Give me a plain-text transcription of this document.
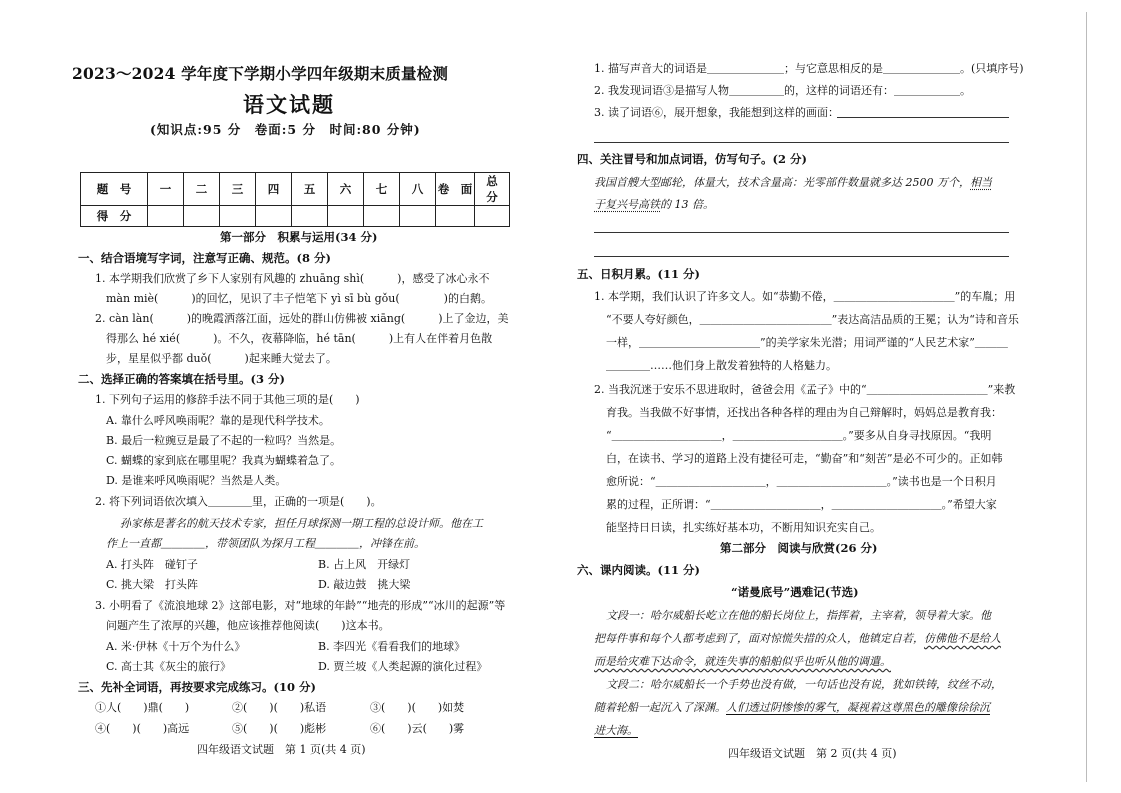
2023～2024 学年度下学期小学四年级期末质量检测
语文试题
(知识点:95 分　卷面:5 分　时间:80 分钟)
题　号	一	二	三	四	五	六	七	八	卷　面	总　分
得　分										
第一部分　积累与运用(34 分)
一、结合语境写字词，注意写正确、规范。(8 分)
1. 本学期我们欣赏了乡下人家别有风趣的 zhuāng shì(　　　)，感受了冰心永不
màn miè(　　　)的回忆，见识了丰子恺笔下 yì sī bù gǒu(　　　　)的白鹅。
2. càn làn(　　　)的晚霞洒落江面，远处的群山仿佛被 xiāng(　　　)上了金边，美
得那么 hé xié(　　　)。不久，夜幕降临，hé tān(　　　)上有人在伴着月色散
步，星星似乎都 duǒ(　　　)起来睡大觉去了。
二、选择正确的答案填在括号里。(3 分)
1. 下列句子运用的修辞手法不同于其他三项的是(　　)
A. 靠什么呼风唤雨呢？靠的是现代科学技术。
B. 最后一粒豌豆是最了不起的一粒吗？当然是。
C. 蝴蝶的家到底在哪里呢？我真为蝴蝶着急了。
D. 是谁来呼风唤雨呢？当然是人类。
2. 将下列词语依次填入＿＿＿＿里，正确的一项是(　　)。
孙家栋是著名的航天技术专家，担任月球探测一期工程的总设计师。他在工
作上一直都＿＿＿＿，带领团队为探月工程＿＿＿＿，冲锋在前。
A. 打头阵　碰钉子	B. 占上风　开绿灯
C. 挑大梁　打头阵	D. 敲边鼓　挑大梁
3. 小明看了《流浪地球 2》这部电影，对“地球的年龄”“地壳的形成”“冰川的起源”等
问题产生了浓厚的兴趣，他应该推荐他阅读(　　)这本书。
A. 米·伊林《十万个为什么》	B. 李四光《看看我们的地球》
C. 高士其《灰尘的旅行》	D. 贾兰坡《人类起源的演化过程》
三、先补全词语，再按要求完成练习。(10 分)
①人(　　)鼎(　　)	②(　　)(　　)私语	③(　　)(　　)如焚
④(　　)(　　)高远	⑤(　　)(　　)彪彬	⑥(　　)云(　　)雾
四年级语文试题　第 1 页(共 4 页)
1. 描写声音大的词语是＿＿＿＿＿＿＿；与它意思相反的是＿＿＿＿＿＿＿。(只填序号)
2. 我发现词语③是描写人物＿＿＿＿＿的，这样的词语还有：＿＿＿＿＿＿。
3. 读了词语⑥，展开想象，我能想到这样的画面：
四、关注冒号和加点词语，仿写句子。(2 分)
我国首艘大型邮轮，体量大，技术含量高：光零部件数量就多达 2500 万个，相当
于复兴号高铁的 13 倍。
五、日积月累。(11 分)
1. 本学期，我们认识了许多文人。如“恭勤不倦，＿＿＿＿＿＿＿＿＿＿＿”的车胤；用
“不要人夸好颜色，＿＿＿＿＿＿＿＿＿＿＿＿”表达高洁品质的王冕；认为“诗和音乐
一样，＿＿＿＿＿＿＿＿＿＿＿”的美学家朱光潜；用词严谨的“人民艺术家”＿＿＿
＿＿＿＿……他们身上散发着独特的人格魅力。
2. 当我沉迷于安乐不思进取时，爸爸会用《孟子》中的“＿＿＿＿＿＿＿＿＿＿＿”来教
育我。当我做不好事情，还找出各种各样的理由为自己辩解时，妈妈总是教育我：
“＿＿＿＿＿＿＿＿＿＿，＿＿＿＿＿＿＿＿＿＿。”要多从自身寻找原因。“我明
白，在读书、学习的道路上没有捷径可走，“勤奋”和“刻苦”是必不可少的。正如韩
愈所说：“＿＿＿＿＿＿＿＿＿＿，＿＿＿＿＿＿＿＿＿＿。”读书也是一个日积月
累的过程，正所谓：“＿＿＿＿＿＿＿＿＿＿，＿＿＿＿＿＿＿＿＿＿。”希望大家
能坚持日日读，扎实练好基本功，不断用知识充实自己。
第二部分　阅读与欣赏(26 分)
六、课内阅读。(11 分)
“诺曼底号”遇难记(节选)
文段一：哈尔威船长屹立在他的船长岗位上，指挥着，主宰着，领导着大家。他
把每件事和每个人都考虑到了，面对惊慌失措的众人，他镇定自若，仿佛他不是给人
而是给灾难下达命令，就连失事的船舶似乎也听从他的调遣。
文段二：哈尔威船长一个手势也没有做，一句话也没有说，犹如铁铸，纹丝不动，
随着轮船一起沉入了深渊。人们透过阴惨惨的雾气，凝视着这尊黑色的雕像徐徐沉
进大海。
四年级语文试题　第 2 页(共 4 页)
